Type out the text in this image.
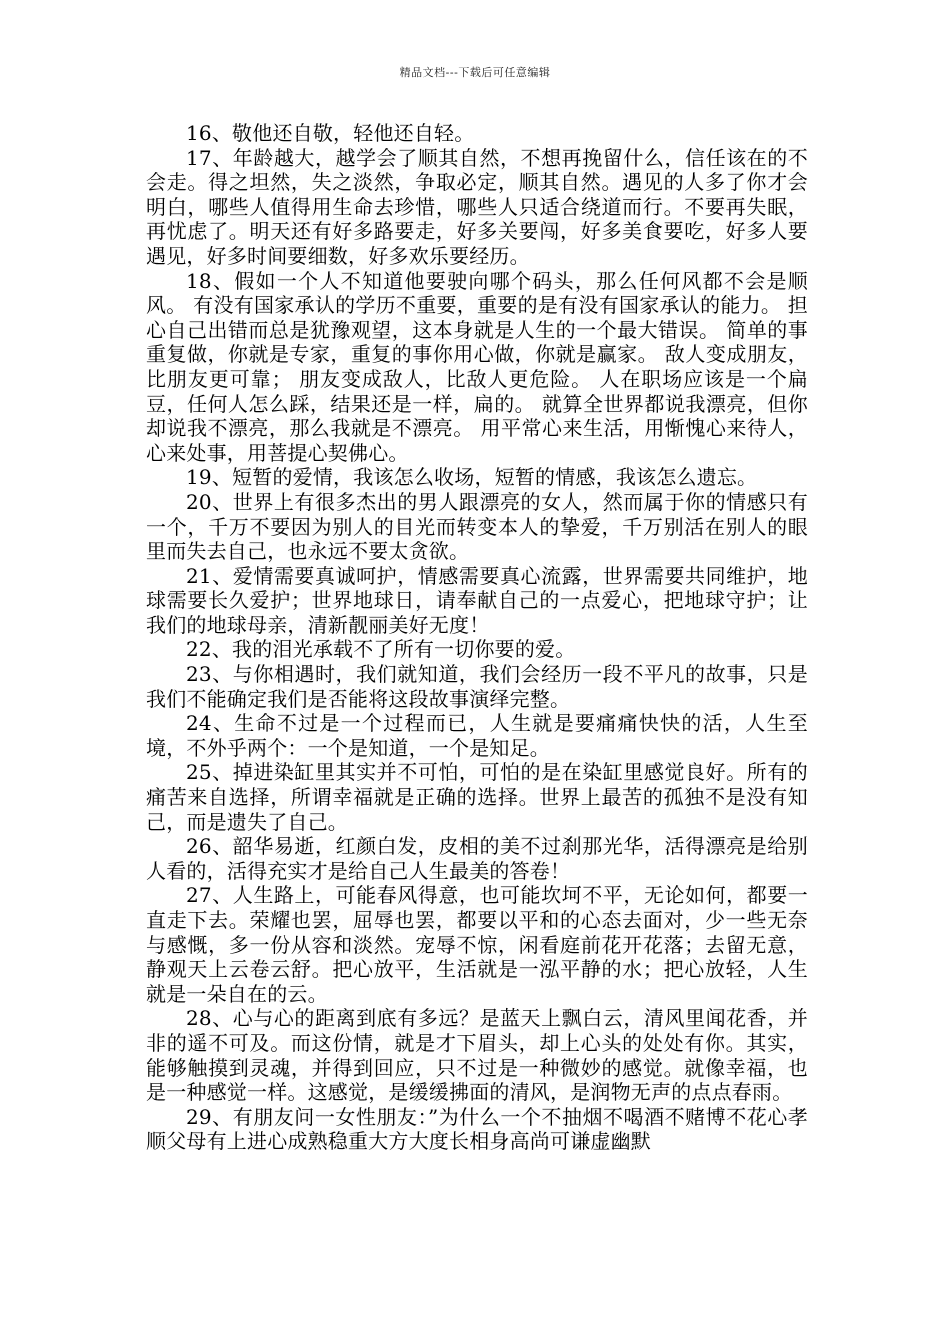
精品文档---下载后可任意编辑

16、敬他还自敬，轻他还自轻。

17、年龄越大，越学会了顺其自然，不想再挽留什么，信任该在的不会走。得之坦然，失之淡然，争取必定，顺其自然。遇见的人多了你才会明白，哪些人值得用生命去珍惜，哪些人只适合绕道而行。不要再失眠，再忧虑了。明天还有好多路要走，好多关要闯，好多美食要吃，好多人要遇见，好多时间要细数，好多欢乐要经历。

18、假如一个人不知道他要驶向哪个码头，那么任何风都不会是顺风。 有没有国家承认的学历不重要，重要的是有没有国家承认的能力。 担心自己出错而总是犹豫观望，这本身就是人生的一个最大错误。 简单的事重复做，你就是专家，重复的事你用心做，你就是赢家。 敌人变成朋友，比朋友更可靠； 朋友变成敌人，比敌人更危险。 人在职场应该是一个扁豆，任何人怎么踩，结果还是一样，扁的。 就算全世界都说我漂亮，但你却说我不漂亮，那么我就是不漂亮。 用平常心来生活，用惭愧心来待人，心来处事，用菩提心契佛心。

19、短暂的爱情，我该怎么收场，短暂的情感，我该怎么遗忘。

20、世界上有很多杰出的男人跟漂亮的女人，然而属于你的情感只有一个，千万不要因为别人的目光而转变本人的挚爱，千万别活在别人的眼里而失去自己，也永远不要太贪欲。

21、爱情需要真诚呵护，情感需要真心流露，世界需要共同维护，地球需要长久爱护；世界地球日，请奉献自己的一点爱心，把地球守护；让我们的地球母亲，清新靓丽美好无度！

22、我的泪光承载不了所有一切你要的爱。

23、与你相遇时，我们就知道，我们会经历一段不平凡的故事，只是我们不能确定我们是否能将这段故事演绎完整。

24、生命不过是一个过程而已，人生就是要痛痛快快的活，人生至境，不外乎两个：一个是知道，一个是知足。

25、掉进染缸里其实并不可怕，可怕的是在染缸里感觉良好。所有的痛苦来自选择，所谓幸福就是正确的选择。世界上最苦的孤独不是没有知己，而是遗失了自己。

26、韶华易逝，红颜白发，皮相的美不过刹那光华，活得漂亮是给别人看的，活得充实才是给自己人生最美的答卷！

27、人生路上，可能春风得意，也可能坎坷不平，无论如何，都要一直走下去。荣耀也罢，屈辱也罢，都要以平和的心态去面对，少一些无奈与感慨，多一份从容和淡然。宠辱不惊，闲看庭前花开花落；去留无意，静观天上云卷云舒。把心放平，生活就是一泓平静的水；把心放轻，人生就是一朵自在的云。

28、心与心的距离到底有多远？是蓝天上飘白云，清风里闻花香，并非的遥不可及。而这份情，就是才下眉头，却上心头的处处有你。其实，能够触摸到灵魂，并得到回应，只不过是一种微妙的感觉。就像幸福，也是一种感觉一样。这感觉，是缓缓拂面的清风，是润物无声的点点春雨。

29、有朋友问一女性朋友：”为什么一个不抽烟不喝酒不赌博不花心孝顺父母有上进心成熟稳重大方大度长相身高尚可谦虚幽默
